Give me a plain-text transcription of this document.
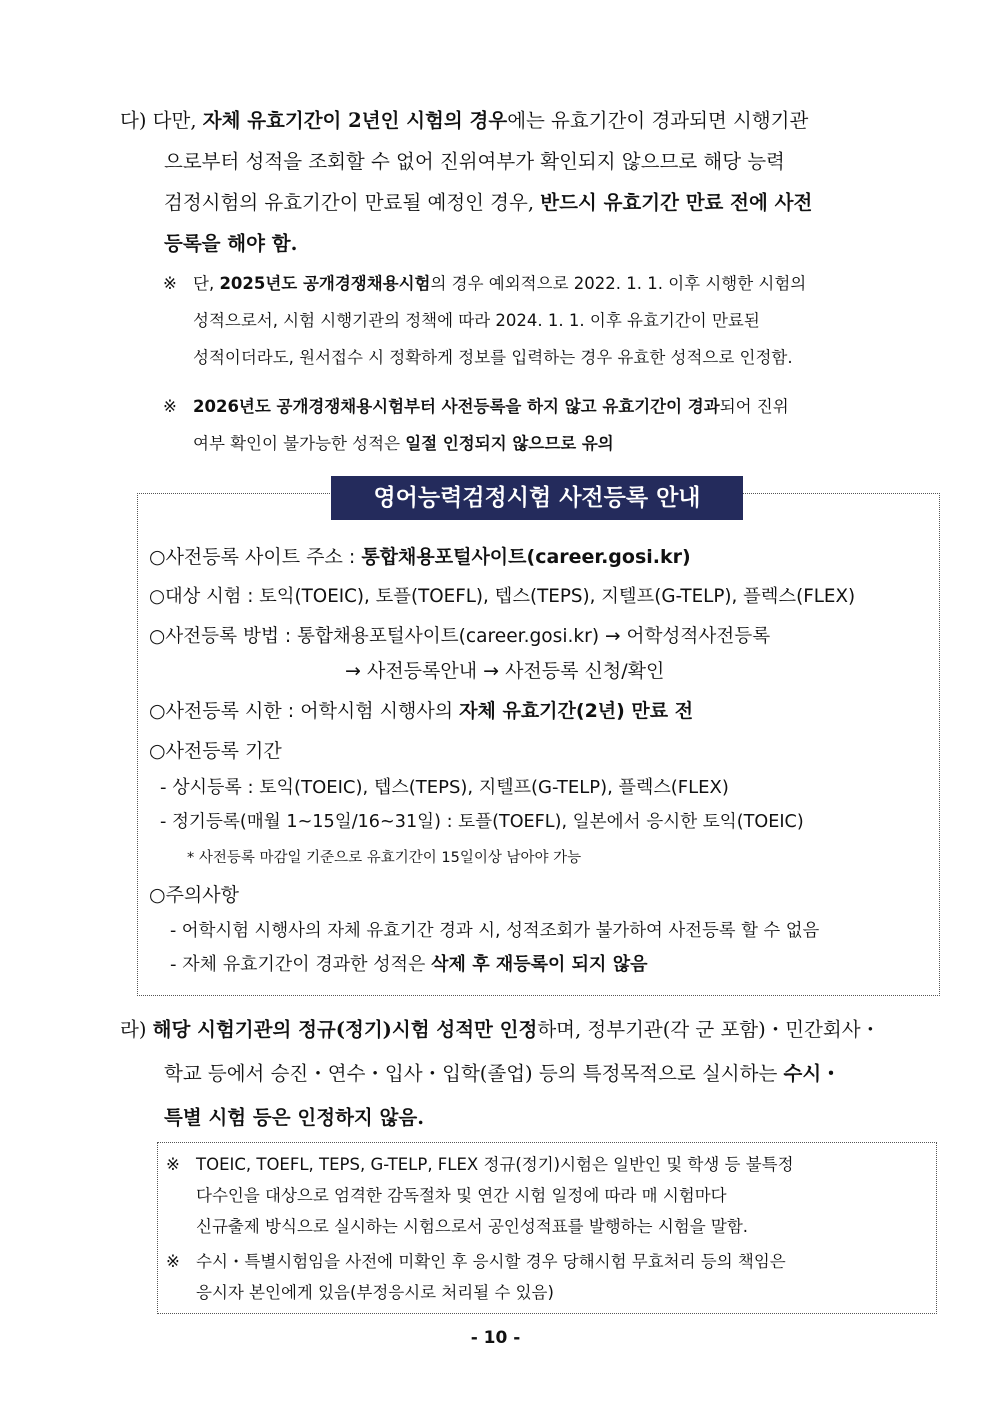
다) 다만, 자체 유효기간이 2년인 시험의 경우에는 유효기간이 경과되면 시행기관
으로부터 성적을 조회할 수 없어 진위여부가 확인되지 않으므로 해당 능력
검정시험의 유효기간이 만료될 예정인 경우, 반드시 유효기간 만료 전에 사전
등록을 해야 함.
※ 단, 2025년도 공개경쟁채용시험의 경우 예외적으로 2022. 1. 1. 이후 시행한 시험의
성적으로서, 시험 시행기관의 정책에 따라 2024. 1. 1. 이후 유효기간이 만료된
성적이더라도, 원서접수 시 정확하게 정보를 입력하는 경우 유효한 성적으로 인정함.
※ 2026년도 공개경쟁채용시험부터 사전등록을 하지 않고 유효기간이 경과되어 진위
여부 확인이 불가능한 성적은 일절 인정되지 않으므로 유의
영어능력검정시험 사전등록 안내
○사전등록 사이트 주소 : 통합채용포털사이트(career.gosi.kr)
○대상 시험 : 토익(TOEIC), 토플(TOEFL), 텝스(TEPS), 지텔프(G-TELP), 플렉스(FLEX)
○사전등록 방법 : 통합채용포털사이트(career.gosi.kr) → 어학성적사전등록
→ 사전등록안내 → 사전등록 신청/확인
○사전등록 시한 : 어학시험 시행사의 자체 유효기간(2년) 만료 전
○사전등록 기간
- 상시등록 : 토익(TOEIC), 텝스(TEPS), 지텔프(G-TELP), 플렉스(FLEX)
- 정기등록(매월 1~15일/16~31일) : 토플(TOEFL), 일본에서 응시한 토익(TOEIC)
* 사전등록 마감일 기준으로 유효기간이 15일이상 남아야 가능
○주의사항
- 어학시험 시행사의 자체 유효기간 경과 시, 성적조회가 불가하여 사전등록 할 수 없음
- 자체 유효기간이 경과한 성적은 삭제 후 재등록이 되지 않음
라) 해당 시험기관의 정규(정기)시험 성적만 인정하며, 정부기관(각 군 포함)・민간회사・
학교 등에서 승진・연수・입사・입학(졸업) 등의 특정목적으로 실시하는 수시・
특별 시험 등은 인정하지 않음.
※ TOEIC, TOEFL, TEPS, G-TELP, FLEX 정규(정기)시험은 일반인 및 학생 등 불특정
다수인을 대상으로 엄격한 감독절차 및 연간 시험 일정에 따라 매 시험마다
신규출제 방식으로 실시하는 시험으로서 공인성적표를 발행하는 시험을 말함.
※ 수시・특별시험임을 사전에 미확인 후 응시할 경우 당해시험 무효처리 등의 책임은
응시자 본인에게 있음(부정응시로 처리될 수 있음)
- 10 -
